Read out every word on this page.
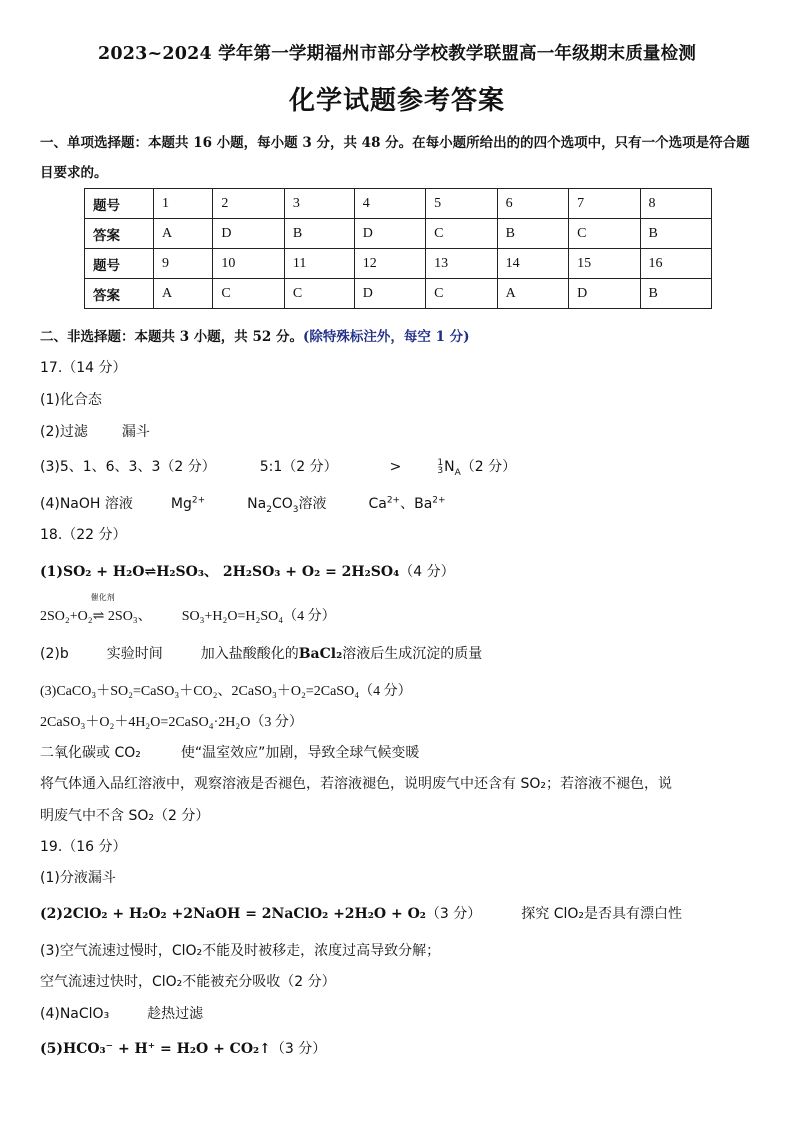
2023~2024 学年第一学期福州市部分学校教学联盟高一年级期末质量检测
化学试题参考答案
一、单项选择题：本题共 16 小题，每小题 3 分，共 48 分。在每小题所给出的的四个选项中，只有一个选项是符合题目要求的。
题号	1	2	3	4	5	6	7	8
答案	A	D	B	D	C	B	C	B
题号	9	10	11	12	13	14	15	16
答案	A	C	C	D	C	A	D	B
二、非选择题：本题共 3 小题，共 52 分。(除特殊标注外，每空 1 分)
17.（14 分）
(1)化合态
(2)过滤 漏斗
(3)5、1、6、3、3（2 分）	5:1（2 分）	>	1
3 $N_A(2$ 分）
(4)NaOH 溶液	$Mg^{2+}$	$Na_2CO_3$溶液	$Ca^{2+}$、$Ba^{2+}$
18.（22 分）
(1)SO₂ + H₂O⇌H₂SO₃、 2H₂SO₃ + O₂ = 2H₂SO₄（4 分）
2SO₂+O₂
催化剂
⇌ 2SO₃、 SO₃+H₂O=H₂SO₄（4 分）
(2)b	实验时间	加入盐酸酸化的BaCl₂溶液后生成沉淀的质量
(3)CaCO₃＋SO₂=CaSO₃＋CO₂、2CaSO₃＋O₂=2CaSO₄（4 分）
2CaSO₃＋O₂＋4H₂O=2CaSO₄·2H₂O（3 分）
二氧化碳或 CO₂	使“温室效应”加剧，导致全球气候变暖
将气体通入品红溶液中，观察溶液是否褪色，若溶液褪色，说明废气中还含有 SO₂；若溶液不褪色，说
明废气中不含 SO₂（2 分）
19.（16 分）
(1)分液漏斗
(2)2ClO₂ + H₂O₂ +2NaOH = 2NaClO₂ +2H₂O + O₂（3 分）	探究 ClO₂是否具有漂白性
(3)空气流速过慢时，ClO₂不能及时被移走，浓度过高导致分解；
空气流速过快时，ClO₂不能被充分吸收（2 分）
(4)NaClO₃	趁热过滤
(5)HCO₃⁻ + H⁺ = H₂O + CO₂↑（3 分）
